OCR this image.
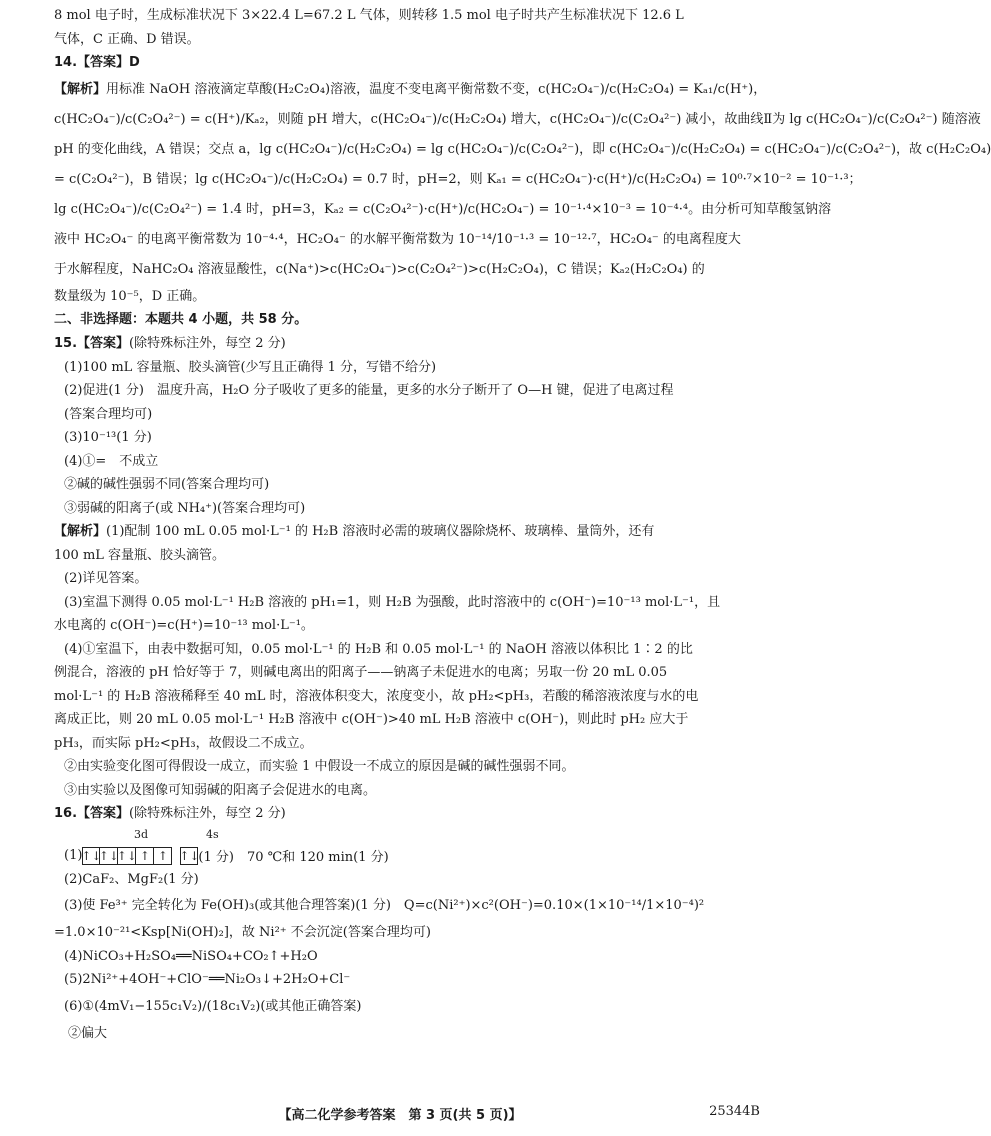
8 mol 电子时，生成标准状况下 3×22.4 L=67.2 L 气体，则转移 1.5 mol 电子时共产生标准状况下 12.6 L
气体，C 正确、D 错误。
14.【答案】D
【解析】用标准 NaOH 溶液滴定草酸(H₂C₂O₄)溶液，温度不变电离平衡常数不变，c(HC₂O₄⁻)/c(H₂C₂O₄) = Kₐ₁/c(H⁺)，
c(HC₂O₄⁻)/c(C₂O₄²⁻) = c(H⁺)/Kₐ₂，则随 pH 增大，c(HC₂O₄⁻)/c(H₂C₂O₄) 增大，c(HC₂O₄⁻)/c(C₂O₄²⁻) 减小，故曲线Ⅱ为 lg c(HC₂O₄⁻)/c(C₂O₄²⁻) 随溶液
pH 的变化曲线，A 错误；交点 a，lg c(HC₂O₄⁻)/c(H₂C₂O₄) = lg c(HC₂O₄⁻)/c(C₂O₄²⁻)，即 c(HC₂O₄⁻)/c(H₂C₂O₄) = c(HC₂O₄⁻)/c(C₂O₄²⁻)，故 c(H₂C₂O₄)
= c(C₂O₄²⁻)，B 错误；lg c(HC₂O₄⁻)/c(H₂C₂O₄) = 0.7 时，pH=2，则 Kₐ₁ = c(HC₂O₄⁻)·c(H⁺)/c(H₂C₂O₄) = 10⁰·⁷×10⁻² = 10⁻¹·³；
lg c(HC₂O₄⁻)/c(C₂O₄²⁻) = 1.4 时，pH=3，Kₐ₂ = c(C₂O₄²⁻)·c(H⁺)/c(HC₂O₄⁻) = 10⁻¹·⁴×10⁻³ = 10⁻⁴·⁴。由分析可知草酸氢钠溶
液中 HC₂O₄⁻ 的电离平衡常数为 10⁻⁴·⁴，HC₂O₄⁻ 的水解平衡常数为 10⁻¹⁴/10⁻¹·³ = 10⁻¹²·⁷，HC₂O₄⁻ 的电离程度大
于水解程度，NaHC₂O₄ 溶液显酸性，c(Na⁺)>c(HC₂O₄⁻)>c(C₂O₄²⁻)>c(H₂C₂O₄)，C 错误；Kₐ₂(H₂C₂O₄) 的
数量级为 10⁻⁵，D 正确。
二、非选择题：本题共 4 小题，共 58 分。
15.【答案】(除特殊标注外，每空 2 分)
(1)100 mL 容量瓶、胶头滴管(少写且正确得 1 分，写错不给分)
(2)促进(1 分)　温度升高，H₂O 分子吸收了更多的能量，更多的水分子断开了 O—H 键，促进了电离过程
(答案合理均可)
(3)10⁻¹³(1 分)
(4)①=　不成立
②碱的碱性强弱不同(答案合理均可)
③弱碱的阳离子(或 NH₄⁺)(答案合理均可)
【解析】(1)配制 100 mL 0.05 mol·L⁻¹ 的 H₂B 溶液时必需的玻璃仪器除烧杯、玻璃棒、量筒外，还有
100 mL 容量瓶、胶头滴管。
(2)详见答案。
(3)室温下测得 0.05 mol·L⁻¹ H₂B 溶液的 pH₁=1，则 H₂B 为强酸，此时溶液中的 c(OH⁻)=10⁻¹³ mol·L⁻¹，且
水电离的 c(OH⁻)=c(H⁺)=10⁻¹³ mol·L⁻¹。
(4)①室温下，由表中数据可知，0.05 mol·L⁻¹ 的 H₂B 和 0.05 mol·L⁻¹ 的 NaOH 溶液以体积比 1∶2 的比
例混合，溶液的 pH 恰好等于 7，则碱电离出的阳离子——钠离子未促进水的电离；另取一份 20 mL 0.05
mol·L⁻¹ 的 H₂B 溶液稀释至 40 mL 时，溶液体积变大，浓度变小，故 pH₂<pH₃，若酸的稀溶液浓度与水的电
离成正比，则 20 mL 0.05 mol·L⁻¹ H₂B 溶液中 c(OH⁻)>40 mL H₂B 溶液中 c(OH⁻)，则此时 pH₂ 应大于
pH₃，而实际 pH₂<pH₃，故假设二不成立。
②由实验变化图可得假设一成立，而实验 1 中假设一不成立的原因是碱的碱性强弱不同。
③由实验以及图像可知弱碱的阳离子会促进水的电离。
16.【答案】(除特殊标注外，每空 2 分)
3d	4s
(1)
↑↓
↑↓
↑↓ ↑ ↑ ↑↓
(1 分)　70 ℃和 120 min(1 分)
(2)CaF₂、MgF₂(1 分)
(3)使 Fe³⁺ 完全转化为 Fe(OH)₃(或其他合理答案)(1 分)　Q=c(Ni²⁺)×c²(OH⁻)=0.10×(1×10⁻¹⁴/1×10⁻⁴)²
=1.0×10⁻²¹<Ksp[Ni(OH)₂]，故 Ni²⁺ 不会沉淀(答案合理均可)
(4)NiCO₃+H₂SO₄══NiSO₄+CO₂↑+H₂O
(5)2Ni²⁺+4OH⁻+ClO⁻══Ni₂O₃↓+2H₂O+Cl⁻
(6)①(4mV₁−155c₁V₂)/(18c₁V₂)(或其他正确答案)
②偏大
【高二化学参考答案　第 3 页(共 5 页)】	25344B
